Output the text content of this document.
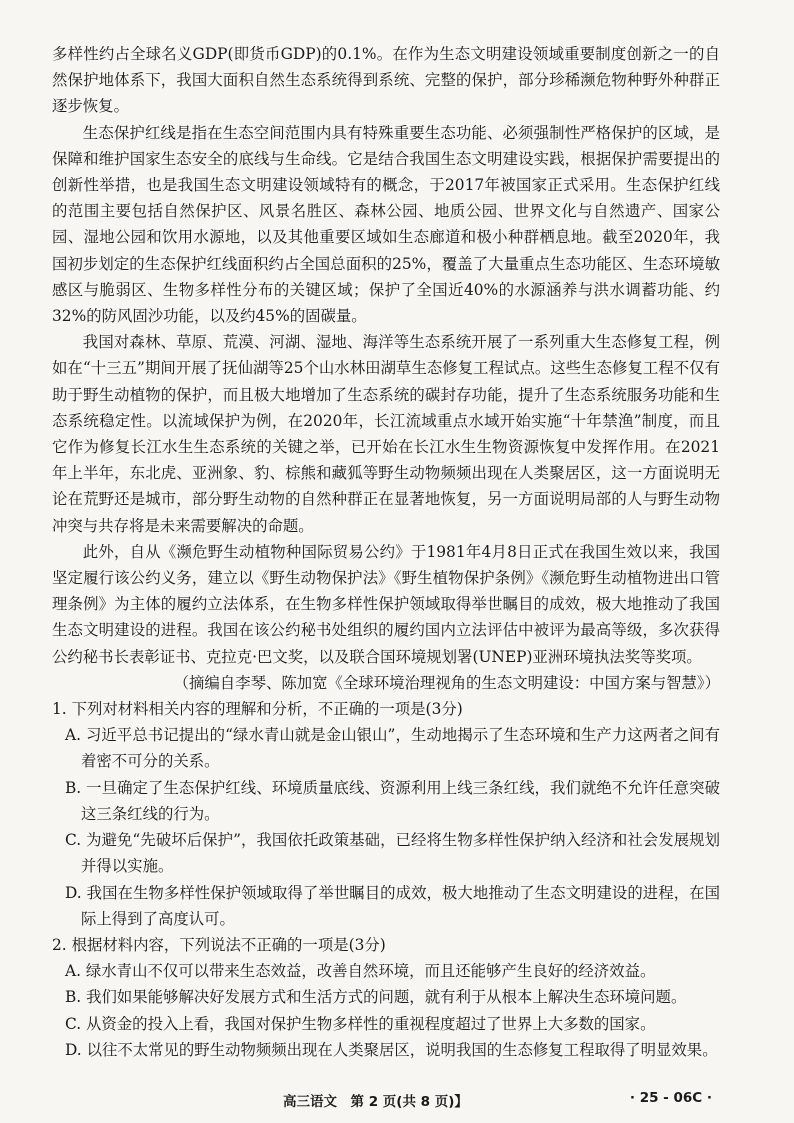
多样性约占全球名义GDP(即货币GDP)的0.1%。在作为生态文明建设领域重要制度创新之一的自然保护地体系下，我国大面积自然生态系统得到系统、完整的保护，部分珍稀濒危物种野外种群正逐步恢复。

生态保护红线是指在生态空间范围内具有特殊重要生态功能、必须强制性严格保护的区域，是保障和维护国家生态安全的底线与生命线。它是结合我国生态文明建设实践，根据保护需要提出的创新性举措，也是我国生态文明建设领域特有的概念，于2017年被国家正式采用。生态保护红线的范围主要包括自然保护区、风景名胜区、森林公园、地质公园、世界文化与自然遗产、国家公园、湿地公园和饮用水源地，以及其他重要区域如生态廊道和极小种群栖息地。截至2020年，我国初步划定的生态保护红线面积约占全国总面积的25%，覆盖了大量重点生态功能区、生态环境敏感区与脆弱区、生物多样性分布的关键区域；保护了全国近40%的水源涵养与洪水调蓄功能、约32%的防风固沙功能，以及约45%的固碳量。

我国对森林、草原、荒漠、河湖、湿地、海洋等生态系统开展了一系列重大生态修复工程，例如在“十三五”期间开展了抚仙湖等25个山水林田湖草生态修复工程试点。这些生态修复工程不仅有助于野生动植物的保护，而且极大地增加了生态系统的碳封存功能，提升了生态系统服务功能和生态系统稳定性。以流域保护为例，在2020年，长江流域重点水域开始实施“十年禁渔”制度，而且它作为修复长江水生生态系统的关键之举，已开始在长江水生生物资源恢复中发挥作用。在2021年上半年，东北虎、亚洲象、豹、棕熊和藏狐等野生动物频频出现在人类聚居区，这一方面说明无论在荒野还是城市，部分野生动物的自然种群正在显著地恢复，另一方面说明局部的人与野生动物冲突与共存将是未来需要解决的命题。

此外，自从《濒危野生动植物种国际贸易公约》于1981年4月8日正式在我国生效以来，我国坚定履行该公约义务，建立以《野生动物保护法》《野生植物保护条例》《濒危野生动植物进出口管理条例》为主体的履约立法体系，在生物多样性保护领域取得举世瞩目的成效，极大地推动了我国生态文明建设的进程。我国在该公约秘书处组织的履约国内立法评估中被评为最高等级，多次获得公约秘书长表彰证书、克拉克·巴文奖，以及联合国环境规划署(UNEP)亚洲环境执法奖等奖项。

（摘编自李琴、陈加宽《全球环境治理视角的生态文明建设：中国方案与智慧》）

1. 下列对材料相关内容的理解和分析，不正确的一项是(3分)

A. 习近平总书记提出的“绿水青山就是金山银山”，生动地揭示了生态环境和生产力这两者之间有着密不可分的关系。
B. 一旦确定了生态保护红线、环境质量底线、资源利用上线三条红线，我们就绝不允许任意突破这三条红线的行为。
C. 为避免“先破坏后保护”，我国依托政策基础，已经将生物多样性保护纳入经济和社会发展规划并得以实施。
D. 我国在生物多样性保护领域取得了举世瞩目的成效，极大地推动了生态文明建设的进程，在国际上得到了高度认可。

2. 根据材料内容，下列说法不正确的一项是(3分)

A. 绿水青山不仅可以带来生态效益，改善自然环境，而且还能够产生良好的经济效益。
B. 我们如果能够解决好发展方式和生活方式的问题，就有利于从根本上解决生态环境问题。
C. 从资金的投入上看，我国对保护生物多样性的重视程度超过了世界上大多数的国家。
D. 以往不太常见的野生动物频频出现在人类聚居区，说明我国的生态修复工程取得了明显效果。
高三语文　第 2 页(共 8 页)】	· 25 - 06C ·
